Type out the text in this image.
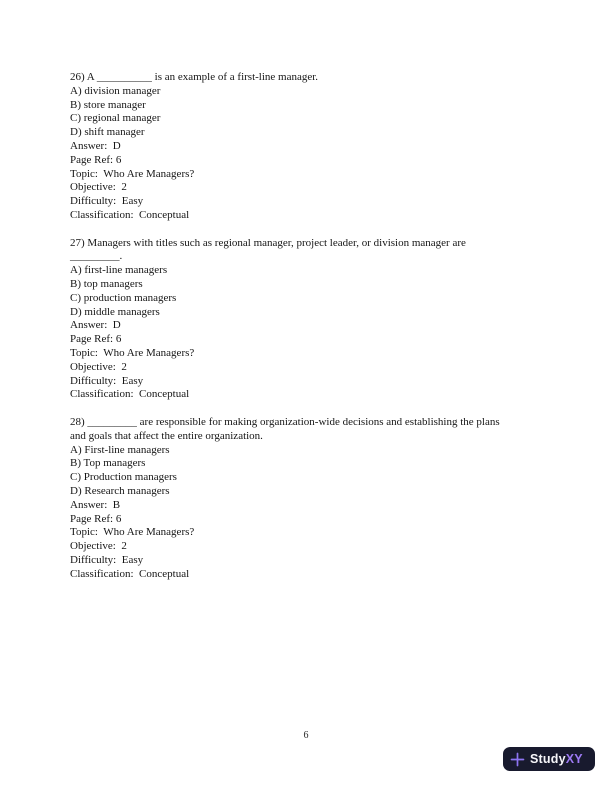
26) A __________ is an example of a first-line manager.
A) division manager
B) store manager
C) regional manager
D) shift manager
Answer:  D
Page Ref: 6
Topic:  Who Are Managers?
Objective:  2
Difficulty:  Easy
Classification:  Conceptual
27) Managers with titles such as regional manager, project leader, or division manager are
_________.
A) first-line managers
B) top managers
C) production managers
D) middle managers
Answer:  D
Page Ref: 6
Topic:  Who Are Managers?
Objective:  2
Difficulty:  Easy
Classification:  Conceptual
28) _________ are responsible for making organization-wide decisions and establishing the plans
and goals that affect the entire organization.
A) First-line managers
B) Top managers
C) Production managers
D) Research managers
Answer:  B
Page Ref: 6
Topic:  Who Are Managers?
Objective:  2
Difficulty:  Easy
Classification:  Conceptual
6
Study XY
